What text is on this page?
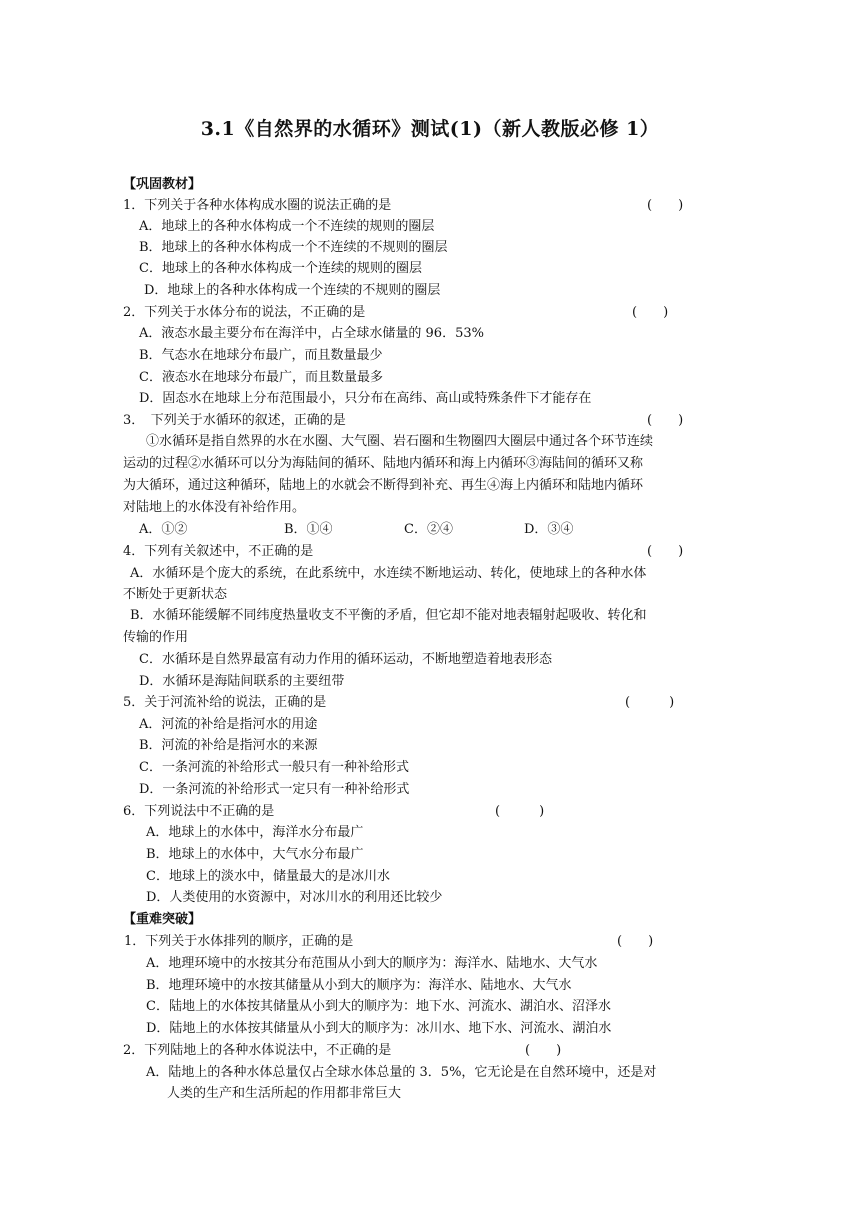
3.1《自然界的水循环》测试(1)（新人教版必修 1）
【巩固教材】
1．下列关于各种水体构成水圈的说法正确的是	(　　)
A．地球上的各种水体构成一个不连续的规则的圈层
B．地球上的各种水体构成一个不连续的不规则的圈层
C．地球上的各种水体构成一个连续的规则的圈层
D．地球上的各种水体构成一个连续的不规则的圈层
2．下列关于水体分布的说法，不正确的是	(　　)
A．液态水最主要分布在海洋中，占全球水储量的 96．53%
B．气态水在地球分布最广，而且数量最少
C．液态水在地球分布最广，而且数量最多
D．固态水在地球上分布范围最小，只分布在高纬、高山或特殊条件下才能存在
3．　下列关于水循环的叙述，正确的是	(　　)
①水循环是指自然界的水在水圈、大气圈、岩石圈和生物圈四大圈层中通过各个环节连续
运动的过程②水循环可以分为海陆间的循环、陆地内循环和海上内循环③海陆间的循环又称
为大循环，通过这种循环，陆地上的水就会不断得到补充、再生④海上内循环和陆地内循环
对陆地上的水体没有补给作用。
A．①②	B．①④	C．②④	D．③④
4．下列有关叙述中，不正确的是	(　　)
A．水循环是个庞大的系统，在此系统中，水连续不断地运动、转化，使地球上的各种水体
不断处于更新状态
B．水循环能缓解不同纬度热量收支不平衡的矛盾，但它却不能对地表辐射起吸收、转化和
传输的作用
C．水循环是自然界最富有动力作用的循环运动，不断地塑造着地表形态
D．水循环是海陆间联系的主要纽带
5．关于河流补给的说法，正确的是	(　　　)
A．河流的补给是指河水的用途
B．河流的补给是指河水的来源
C．一条河流的补给形式一般只有一种补给形式
D．一条河流的补给形式一定只有一种补给形式
6．下列说法中不正确的是	(　　　)
A．地球上的水体中，海洋水分布最广
B．地球上的水体中，大气水分布最广
C．地球上的淡水中，储量最大的是冰川水
D．人类使用的水资源中，对冰川水的利用还比较少
【重难突破】
1．下列关于水体排列的顺序，正确的是	(　　)
A．地理环境中的水按其分布范围从小到大的顺序为：海洋水、陆地水、大气水
B．地理环境中的水按其储量从小到大的顺序为：海洋水、陆地水、大气水
C．陆地上的水体按其储量从小到大的顺序为：地下水、河流水、湖泊水、沼泽水
D．陆地上的水体按其储量从小到大的顺序为：冰川水、地下水、河流水、湖泊水
2．下列陆地上的各种水体说法中，不正确的是	(　　)
A．陆地上的各种水体总量仅占全球水体总量的 3．5%，它无论是在自然环境中，还是对
人类的生产和生活所起的作用都非常巨大
